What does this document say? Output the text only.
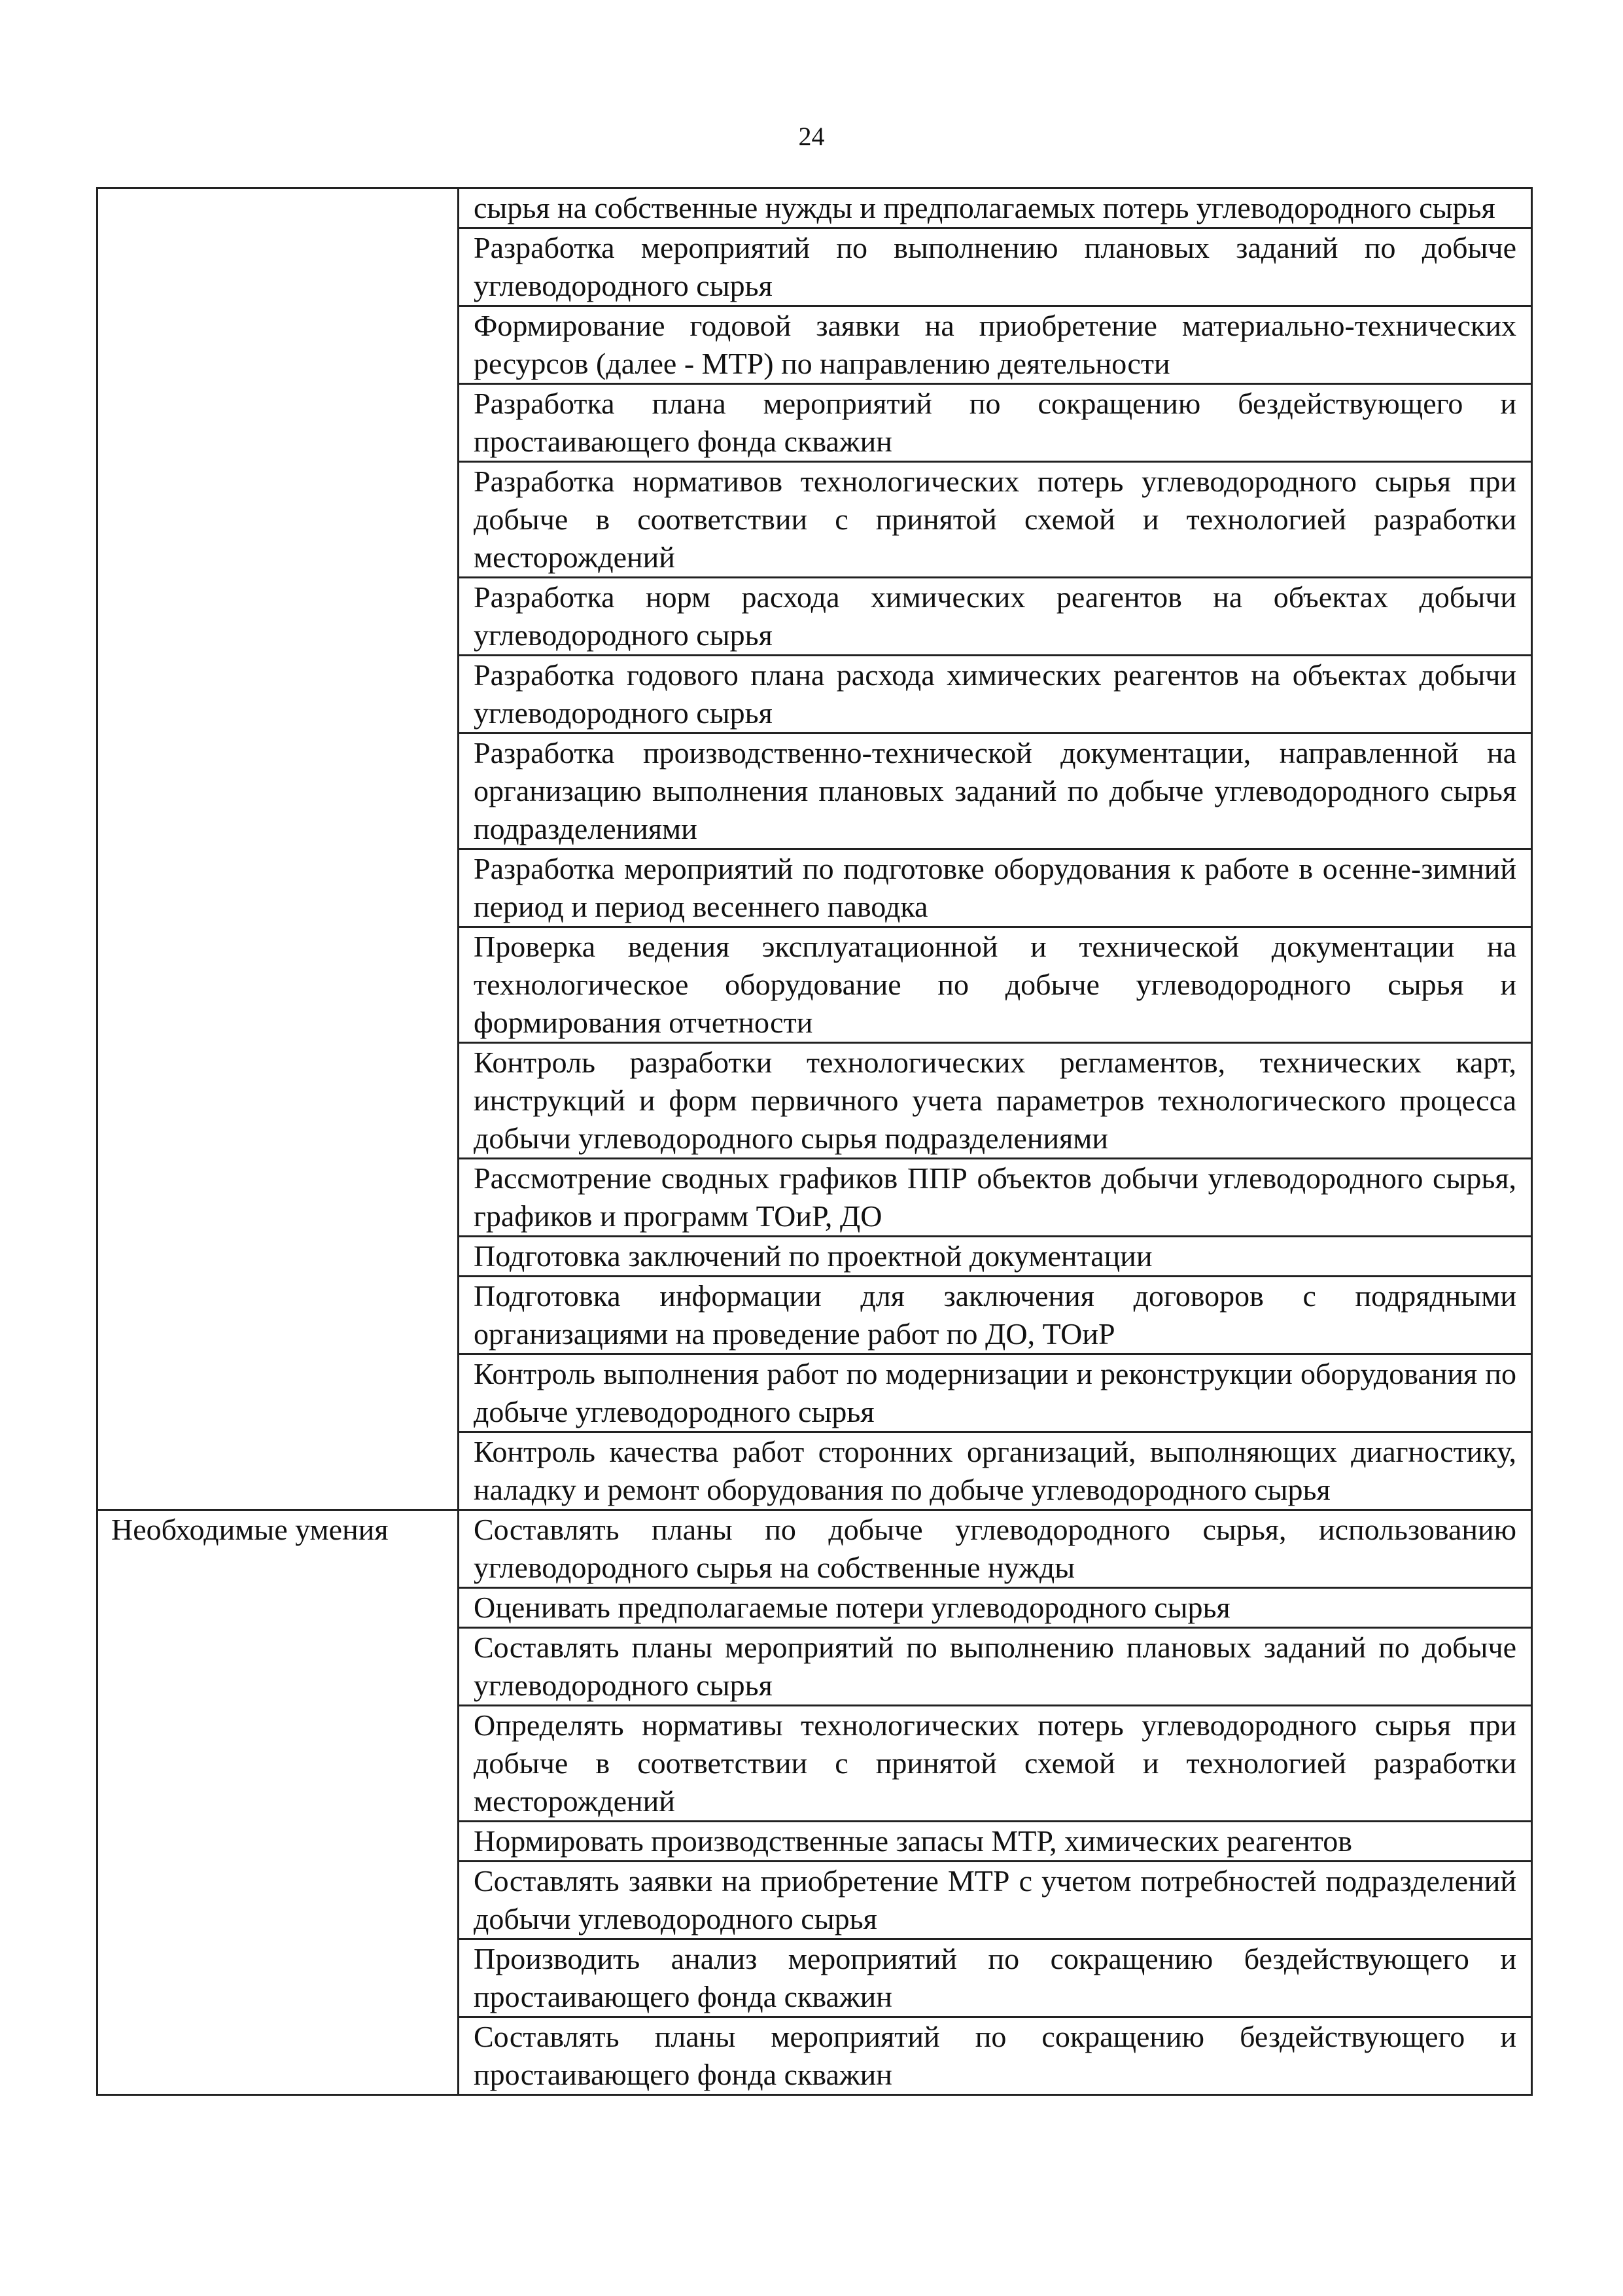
24
	сырья на собственные нужды и предполагаемых потерь углеводородного сырья
	Разработка мероприятий по выполнению плановых заданий по добыче углеводородного сырья
	Формирование годовой заявки на приобретение материально-технических ресурсов (далее - МТР) по направлению деятельности
	Разработка плана мероприятий по сокращению бездействующего и простаивающего фонда скважин
	Разработка нормативов технологических потерь углеводородного сырья при добыче в соответствии с принятой схемой и технологией разработки месторождений
	Разработка норм расхода химических реагентов на объектах добычи углеводородного сырья
	Разработка годового плана расхода химических реагентов на объектах добычи углеводородного сырья
	Разработка производственно-технической документации, направленной на организацию выполнения плановых заданий по добыче углеводородного сырья подразделениями
	Разработка мероприятий по подготовке оборудования к работе в осенне-зимний период и период весеннего паводка
	Проверка ведения эксплуатационной и технической документации на технологическое оборудование по добыче углеводородного сырья и формирования отчетности
	Контроль разработки технологических регламентов, технических карт, инструкций и форм первичного учета параметров технологического процесса добычи углеводородного сырья подразделениями
	Рассмотрение сводных графиков ППР объектов добычи углеводородного сырья, графиков и программ ТОиР, ДО
	Подготовка заключений по проектной документации
	Подготовка информации для заключения договоров с подрядными организациями на проведение работ по ДО, ТОиР
	Контроль выполнения работ по модернизации и реконструкции оборудования по добыче углеводородного сырья
	Контроль качества работ сторонних организаций, выполняющих диагностику, наладку и ремонт оборудования по добыче углеводородного сырья
Необходимые умения	Составлять планы по добыче углеводородного сырья, использованию углеводородного сырья на собственные нужды
	Оценивать предполагаемые потери углеводородного сырья
	Составлять планы мероприятий по выполнению плановых заданий по добыче углеводородного сырья
	Определять нормативы технологических потерь углеводородного сырья при добыче в соответствии с принятой схемой и технологией разработки месторождений
	Нормировать производственные запасы МТР, химических реагентов
	Составлять заявки на приобретение МТР с учетом потребностей подразделений добычи углеводородного сырья
	Производить анализ мероприятий по сокращению бездействующего и простаивающего фонда скважин
	Составлять планы мероприятий по сокращению бездействующего и простаивающего фонда скважин
